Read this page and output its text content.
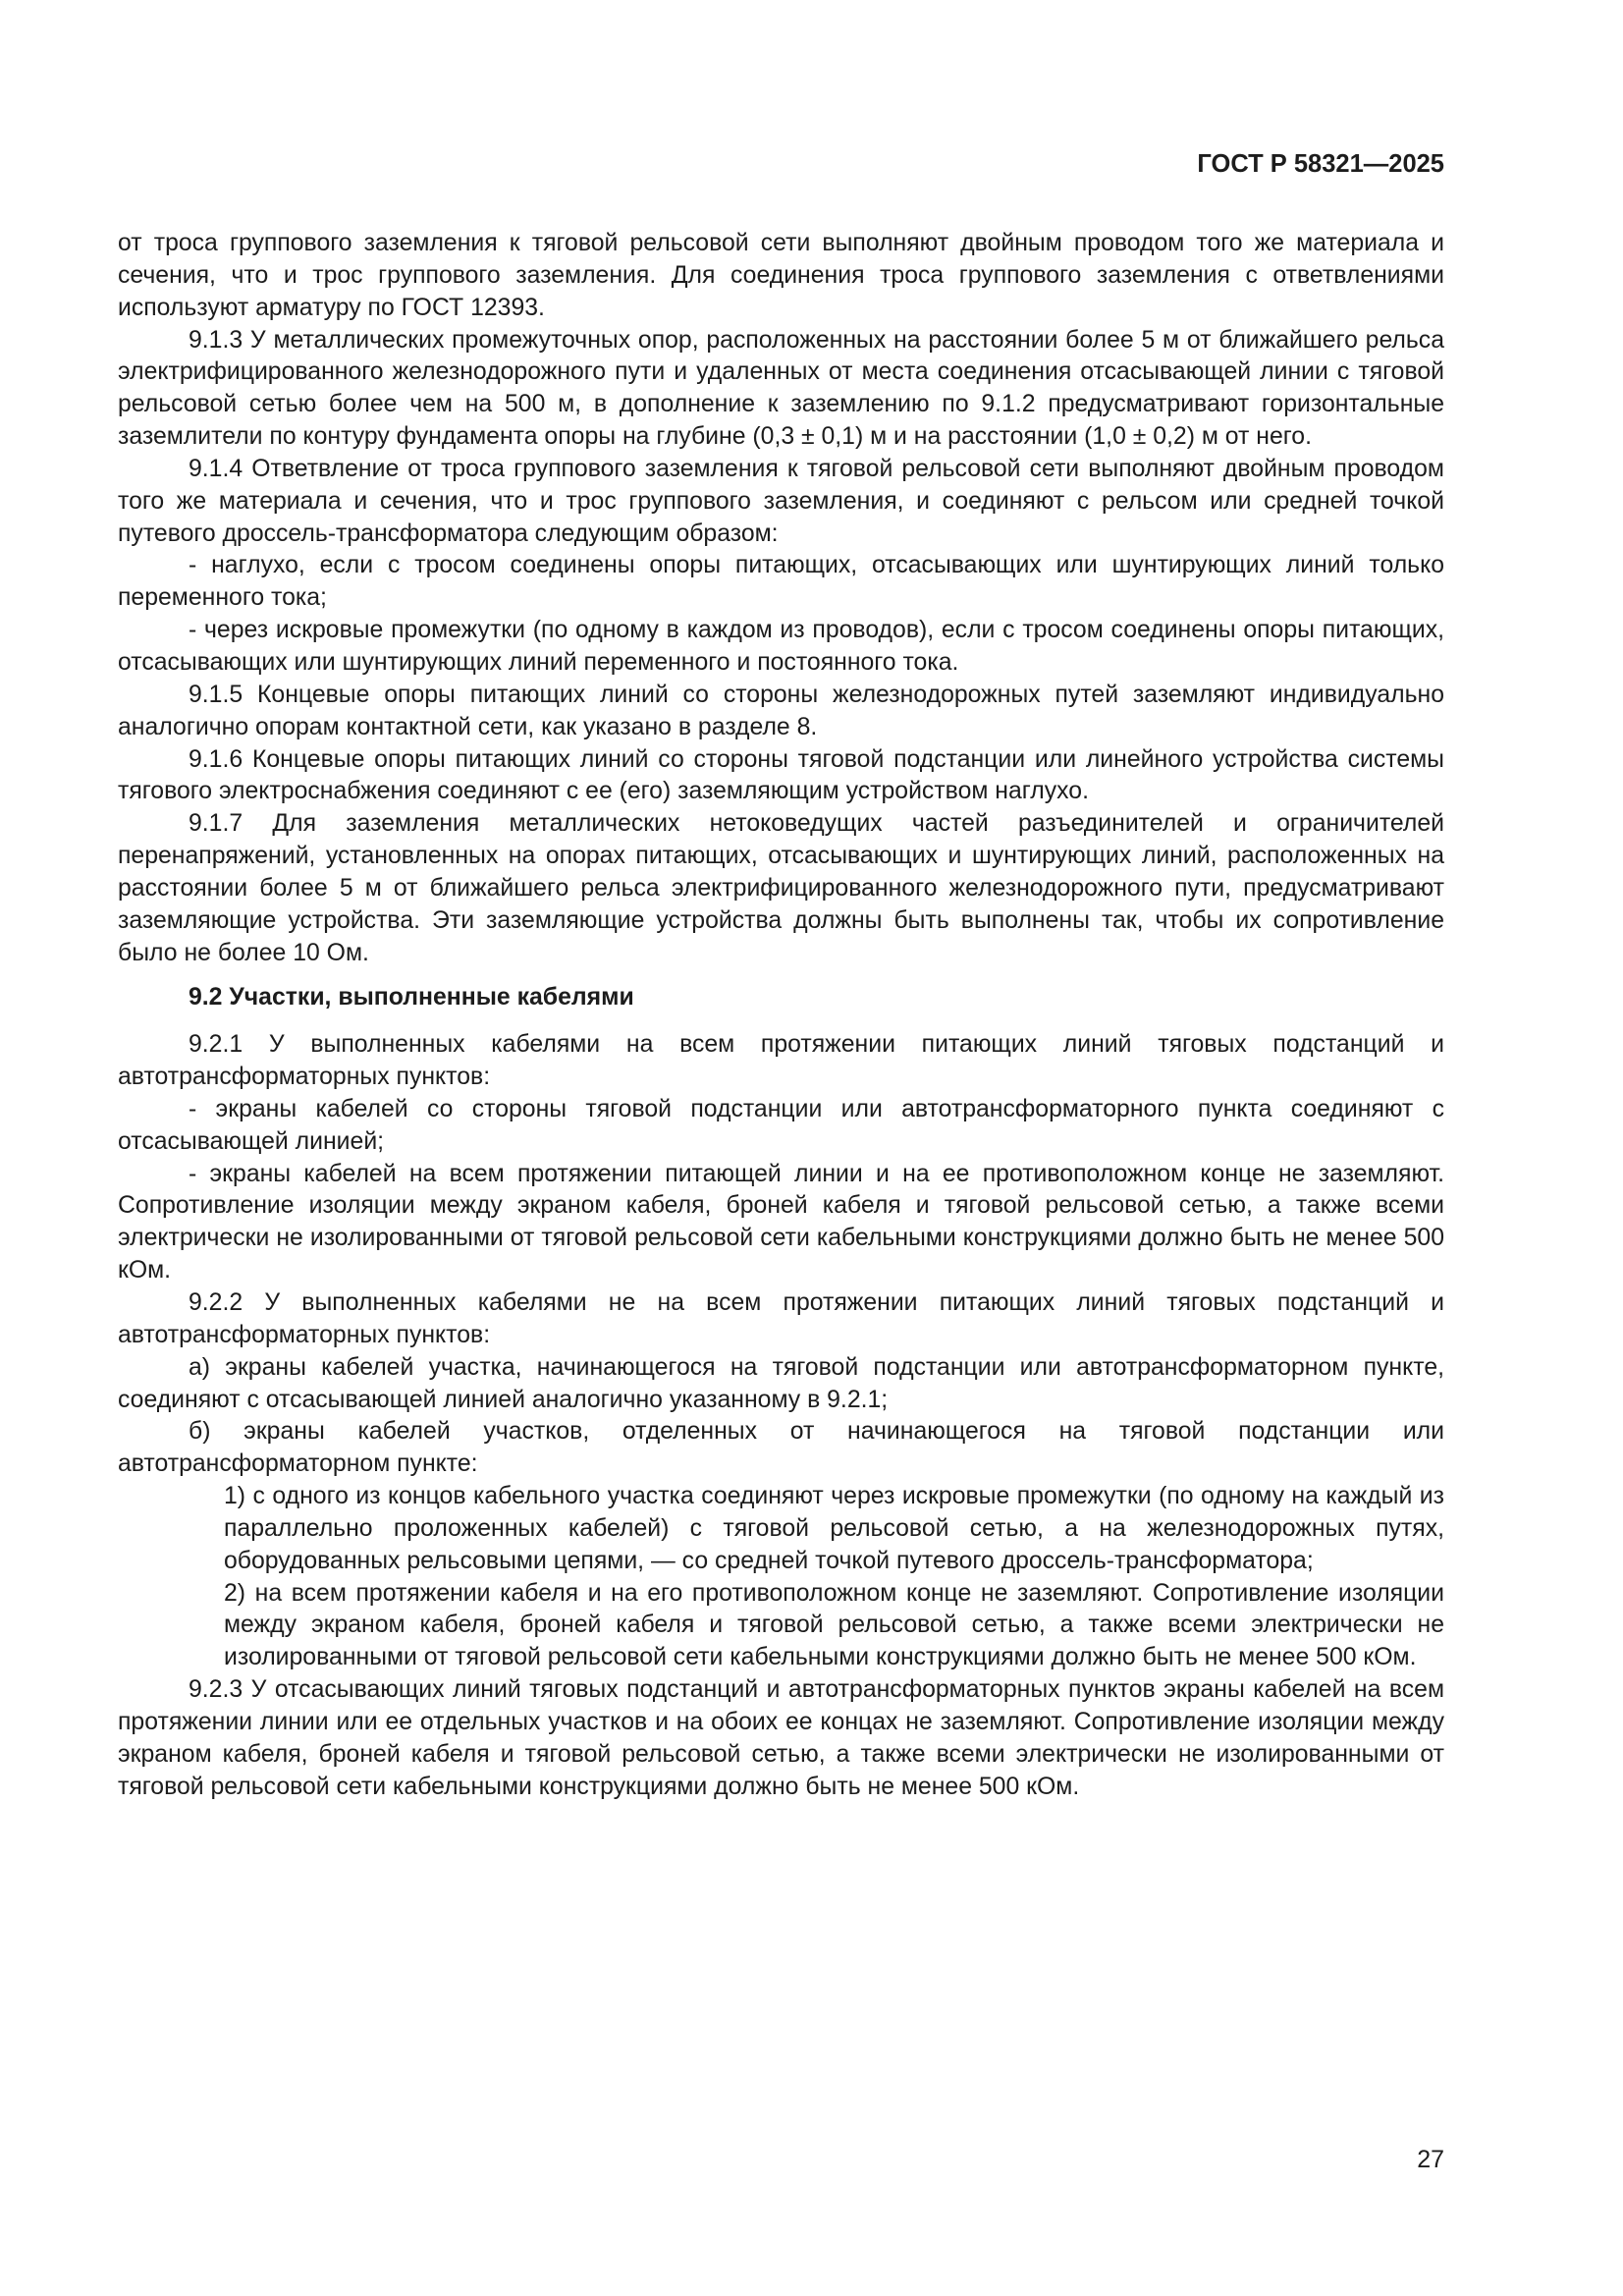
ГОСТ Р 58321—2025

от троса группового заземления к тяговой рельсовой сети выполняют двойным проводом того же материала и сечения, что и трос группового заземления. Для соединения троса группового заземления с ответвлениями используют арматуру по ГОСТ 12393.

9.1.3 У металлических промежуточных опор, расположенных на расстоянии более 5 м от ближайшего рельса электрифицированного железнодорожного пути и удаленных от места соединения отсасывающей линии с тяговой рельсовой сетью более чем на 500 м, в дополнение к заземлению по 9.1.2 предусматривают горизонтальные заземлители по контуру фундамента опоры на глубине (0,3 ± 0,1) м и на расстоянии (1,0 ± 0,2) м от него.

9.1.4 Ответвление от троса группового заземления к тяговой рельсовой сети выполняют двойным проводом того же материала и сечения, что и трос группового заземления, и соединяют с рельсом или средней точкой путевого дроссель-трансформатора следующим образом:

- наглухо, если с тросом соединены опоры питающих, отсасывающих или шунтирующих линий только переменного тока;

- через искровые промежутки (по одному в каждом из проводов), если с тросом соединены опоры питающих, отсасывающих или шунтирующих линий переменного и постоянного тока.

9.1.5 Концевые опоры питающих линий со стороны железнодорожных путей заземляют индивидуально аналогично опорам контактной сети, как указано в разделе 8.

9.1.6 Концевые опоры питающих линий со стороны тяговой подстанции или линейного устройства системы тягового электроснабжения соединяют с ее (его) заземляющим устройством наглухо.

9.1.7 Для заземления металлических нетоковедущих частей разъединителей и ограничителей перенапряжений, установленных на опорах питающих, отсасывающих и шунтирующих линий, расположенных на расстоянии более 5 м от ближайшего рельса электрифицированного железнодорожного пути, предусматривают заземляющие устройства. Эти заземляющие устройства должны быть выполнены так, чтобы их сопротивление было не более 10 Ом.

9.2 Участки, выполненные кабелями

9.2.1 У выполненных кабелями на всем протяжении питающих линий тяговых подстанций и автотрансформаторных пунктов:

- экраны кабелей со стороны тяговой подстанции или автотрансформаторного пункта соединяют с отсасывающей линией;

- экраны кабелей на всем протяжении питающей линии и на ее противоположном конце не заземляют. Сопротивление изоляции между экраном кабеля, броней кабеля и тяговой рельсовой сетью, а также всеми электрически не изолированными от тяговой рельсовой сети кабельными конструкциями должно быть не менее 500 кОм.

9.2.2 У выполненных кабелями не на всем протяжении питающих линий тяговых подстанций и автотрансформаторных пунктов:

а) экраны кабелей участка, начинающегося на тяговой подстанции или автотрансформаторном пункте, соединяют с отсасывающей линией аналогично указанному в 9.2.1;

б) экраны кабелей участков, отделенных от начинающегося на тяговой подстанции или автотрансформаторном пункте:

1) с одного из концов кабельного участка соединяют через искровые промежутки (по одному на каждый из параллельно проложенных кабелей) с тяговой рельсовой сетью, а на железнодорожных путях, оборудованных рельсовыми цепями, — со средней точкой путевого дроссель-трансформатора;

2) на всем протяжении кабеля и на его противоположном конце не заземляют. Сопротивление изоляции между экраном кабеля, броней кабеля и тяговой рельсовой сетью, а также всеми электрически не изолированными от тяговой рельсовой сети кабельными конструкциями должно быть не менее 500 кОм.

9.2.3 У отсасывающих линий тяговых подстанций и автотрансформаторных пунктов экраны кабелей на всем протяжении линии или ее отдельных участков и на обоих ее концах не заземляют. Сопротивление изоляции между экраном кабеля, броней кабеля и тяговой рельсовой сетью, а также всеми электрически не изолированными от тяговой рельсовой сети кабельными конструкциями должно быть не менее 500 кОм.

27
